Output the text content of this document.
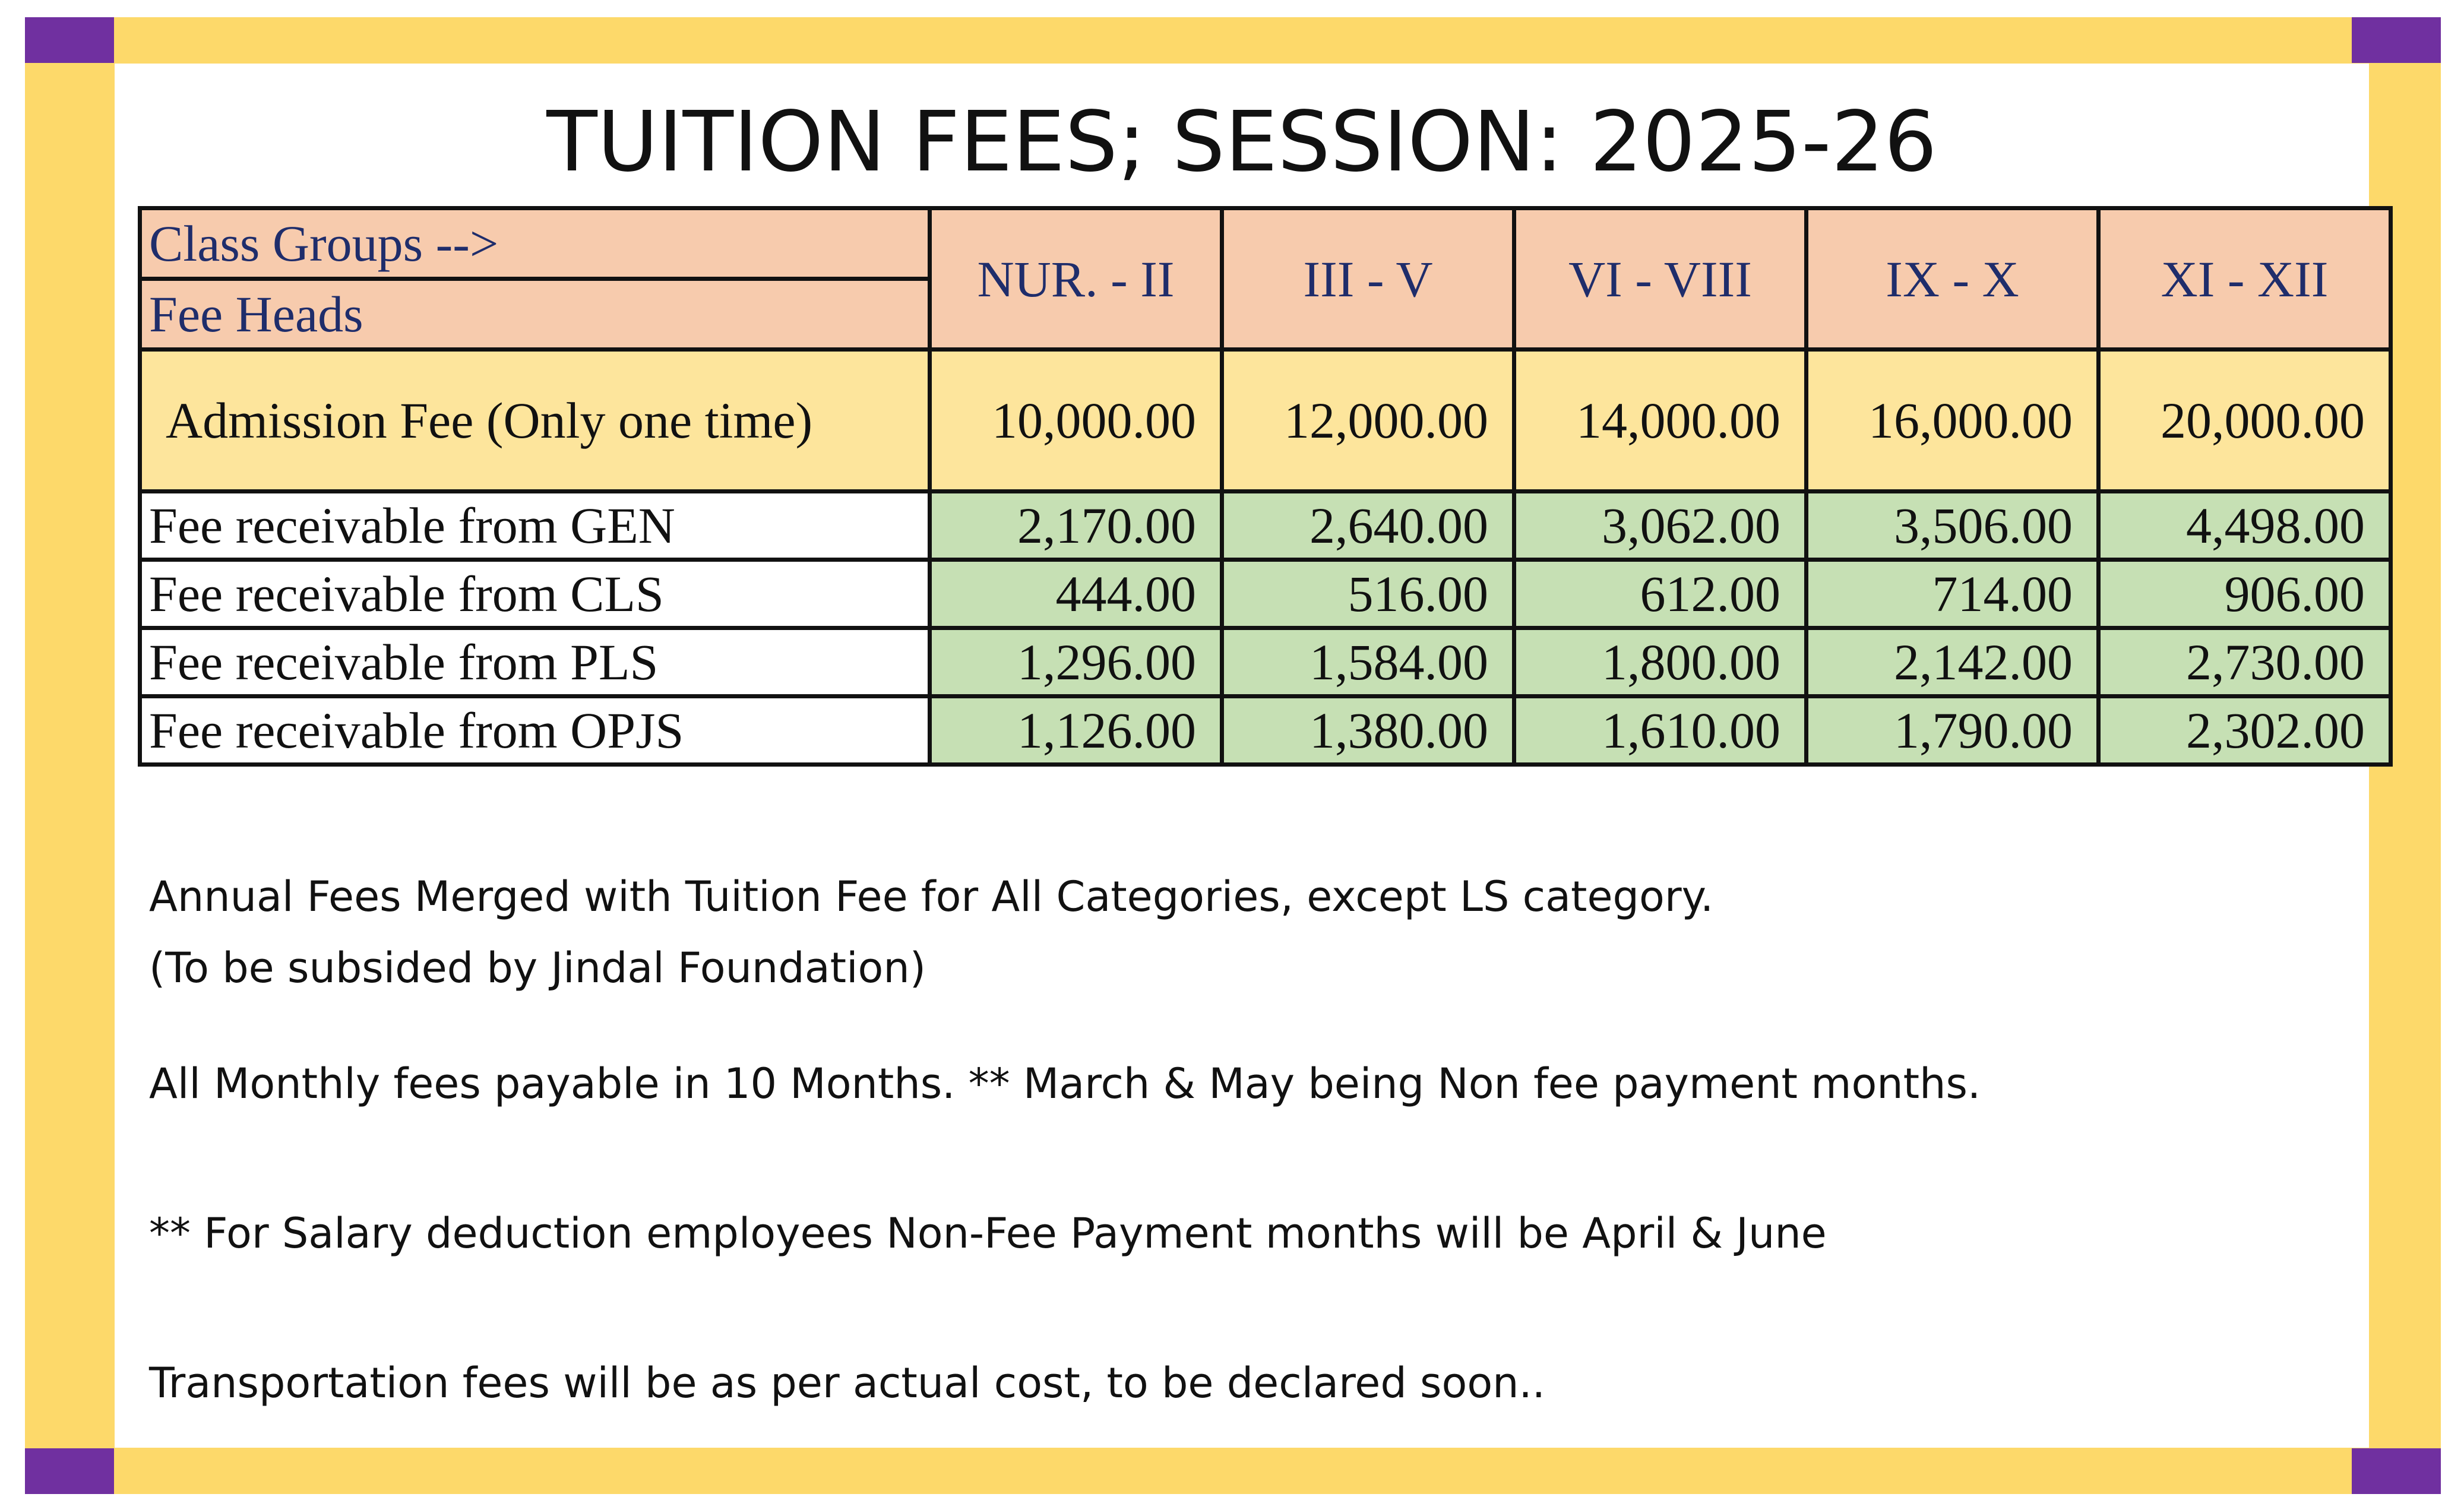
TUITION FEES; SESSION: 2025-26
Class Groups -->	NUR. - II	III - V	VI - VIII	IX - X	XI - XII
Fee Heads					
Admission Fee (Only one time)	10,000.00	12,000.00	14,000.00	16,000.00	20,000.00
Fee receivable from GEN	2,170.00	2,640.00	3,062.00	3,506.00	4,498.00
Fee receivable from CLS	444.00	516.00	612.00	714.00	906.00
Fee receivable from PLS	1,296.00	1,584.00	1,800.00	2,142.00	2,730.00
Fee receivable from OPJS	1,126.00	1,380.00	1,610.00	1,790.00	2,302.00

Annual Fees Merged with Tuition Fee for All Categories, except LS category.

(To be subsided by Jindal Foundation)

All Monthly fees payable in 10 Months. ** March & May being Non fee payment months.

** For Salary deduction employees Non-Fee Payment months will be April & June

Transportation fees will be as per actual cost, to be declared soon..
